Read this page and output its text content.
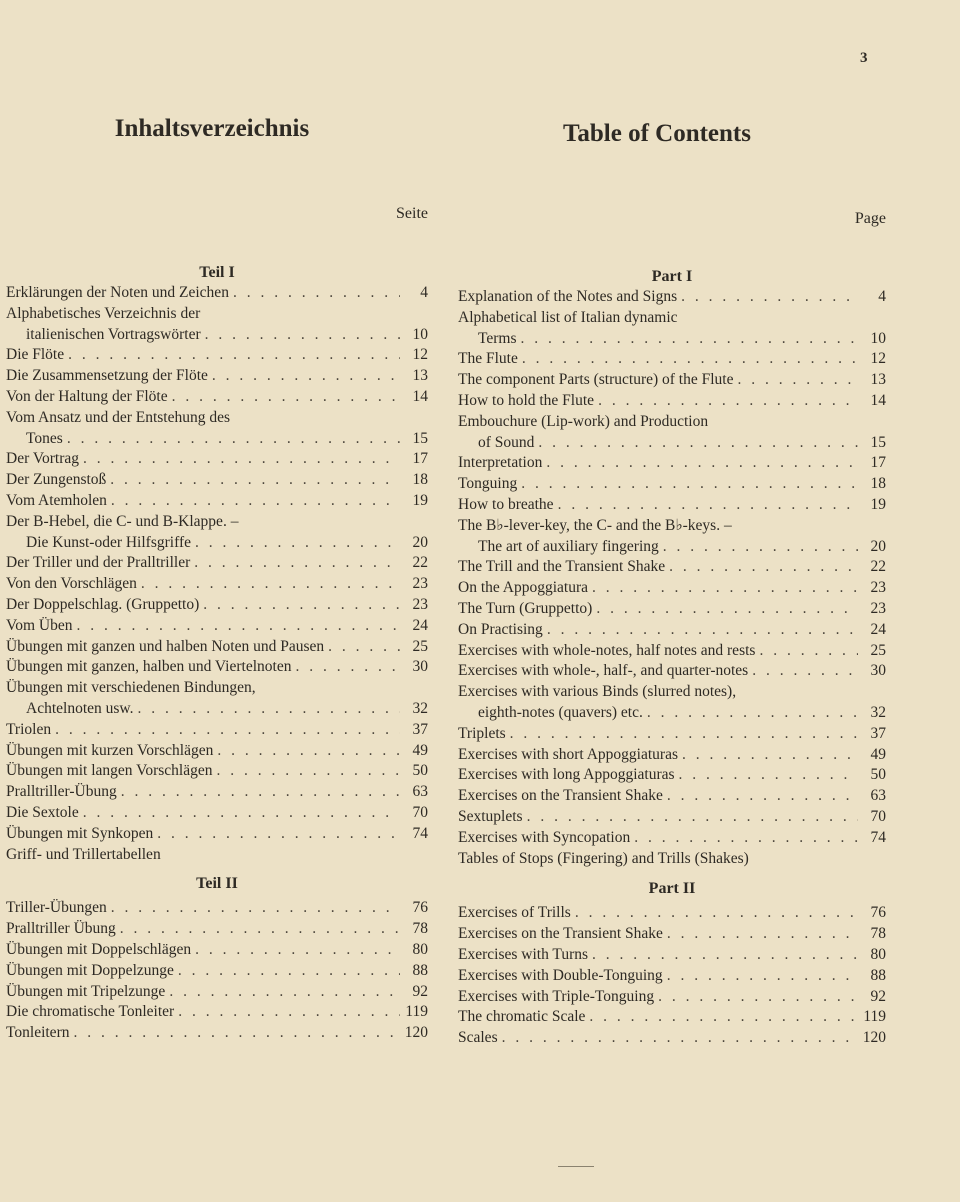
3
Inhaltsverzeichnis
Seite
Teil I
Erklärungen der Noten und Zeichen . . .	4
Alphabetisches Verzeichnis der
italienischen Vortragswörter . . .	10
Die Flöte . . .	12
Die Zusammensetzung der Flöte . . .	13
Von der Haltung der Flöte . . .	14
Vom Ansatz und der Entstehung des
Tones . . .	15
Der Vortrag . . .	17
Der Zungenstoß . . .	18
Vom Atemholen . . .	19
Der B-Hebel, die C- und B-Klappe. –
Die Kunst-oder Hilfsgriffe . . .	20
Der Triller und der Pralltriller . . .	22
Von den Vorschlägen . . .	23
Der Doppelschlag. (Gruppetto) . . .	23
Vom Üben . . .	24
Übungen mit ganzen und halben Noten und Pausen . . .	25
Übungen mit ganzen, halben und Viertelnoten . . .	30
Übungen mit verschiedenen Bindungen,
Achtelnoten usw. . . .	32
Triolen . . .	37
Übungen mit kurzen Vorschlägen . . .	49
Übungen mit langen Vorschlägen . . .	50
Pralltriller-Übung . . .	63
Die Sextole . . .	70
Übungen mit Synkopen . . .	74
Griff- und Trillertabellen
Teil II
Triller-Übungen . . .	76
Pralltriller Übung . . .	78
Übungen mit Doppelschlägen . . .	80
Übungen mit Doppelzunge . . .	88
Übungen mit Tripelzunge . . .	92
Die chromatische Tonleiter . . .	119
Tonleitern . . .	120
Table of Contents
Page
Part I
Explanation of the Notes and Signs . . .	4
Alphabetical list of Italian dynamic
Terms . . .	10
The Flute . . .	12
The component Parts (structure) of the Flute . . .	13
How to hold the Flute . . .	14
Embouchure (Lip-work) and Production
of Sound . . .	15
Interpretation . . .	17
Tonguing . . .	18
How to breathe . . .	19
The B♭-lever-key, the C- and the B♭-keys. –
The art of auxiliary fingering . . .	20
The Trill and the Transient Shake . . .	22
On the Appoggiatura . . .	23
The Turn (Gruppetto) . . .	23
On Practising . . .	24
Exercises with whole-notes, half notes and rests . . .	25
Exercises with whole-, half-, and quarter-notes . . .	30
Exercises with various Binds (slurred notes),
eighth-notes (quavers) etc. . . .	32
Triplets . . .	37
Exercises with short Appoggiaturas . . .	49
Exercises with long Appoggiaturas . . .	50
Exercises on the Transient Shake . . .	63
Sextuplets . . .	70
Exercises with Syncopation . . .	74
Tables of Stops (Fingering) and Trills (Shakes)
Part II
Exercises of Trills . . .	76
Exercises on the Transient Shake . . .	78
Exercises with Turns . . .	80
Exercises with Double-Tonguing . . .	88
Exercises with Triple-Tonguing . . .	92
The chromatic Scale . . .	119
Scales . . .	120
